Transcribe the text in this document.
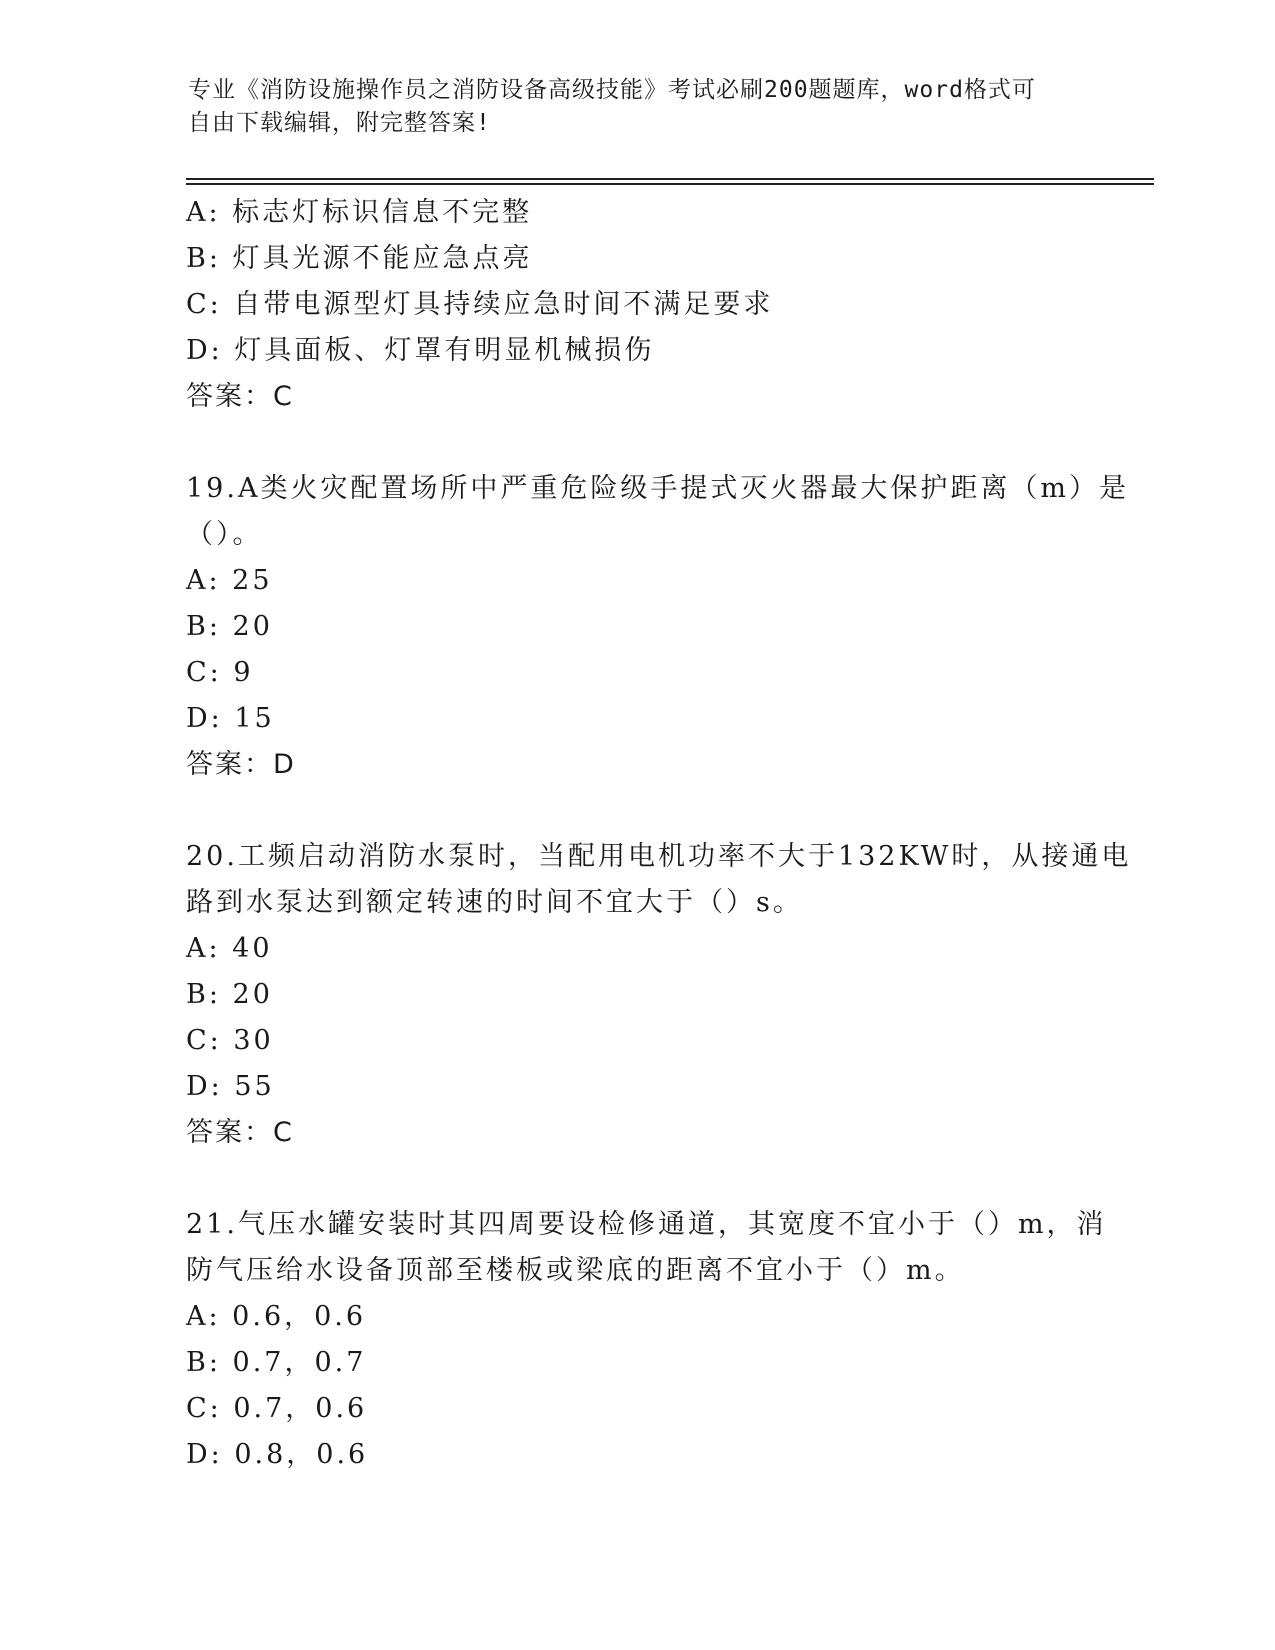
专业《消防设施操作员之消防设备高级技能》考试必刷200题题库，word格式可
自由下载编辑，附完整答案!
A: 标志灯标识信息不完整
B: 灯具光源不能应急点亮
C: 自带电源型灯具持续应急时间不满足要求
D: 灯具面板、灯罩有明显机械损伤
答案：C
19.A类火灾配置场所中严重危险级手提式灭火器最大保护距离（m）是
（）。
A: 25
B: 20
C: 9
D: 15
答案：D
20.工频启动消防水泵时，当配用电机功率不大于132KW时，从接通电
路到水泵达到额定转速的时间不宜大于（）s。
A: 40
B: 20
C: 30
D: 55
答案：C
21.气压水罐安装时其四周要设检修通道，其宽度不宜小于（）m，消
防气压给水设备顶部至楼板或梁底的距离不宜小于（）m。
A: 0.6，0.6
B: 0.7，0.7
C: 0.7，0.6
D: 0.8，0.6
